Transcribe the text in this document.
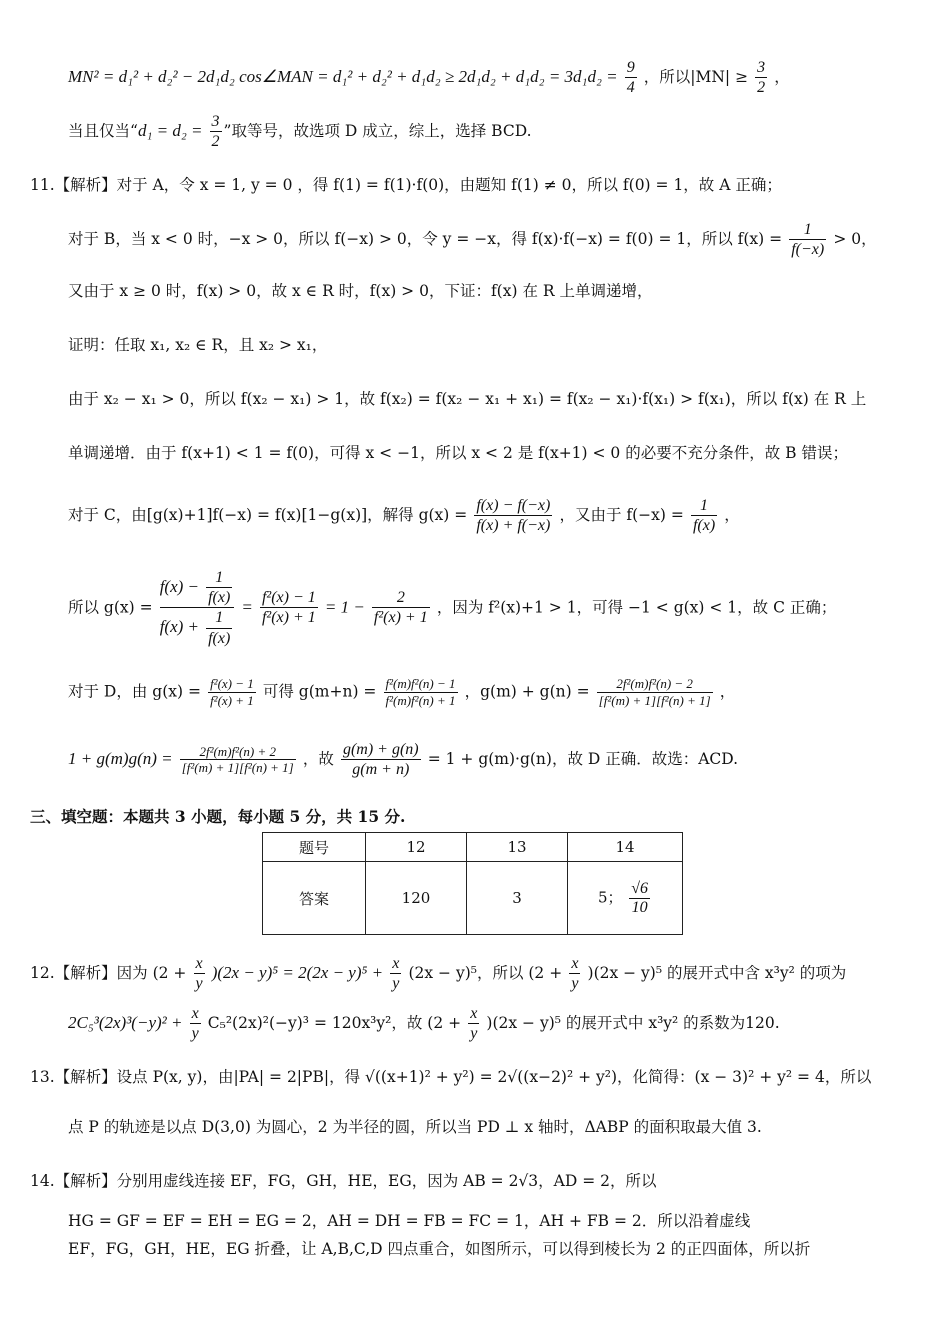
MN² = d₁² + d₂² − 2d₁d₂ cos∠MAN = $d_1^2 + d_2^2 + d_1d_2 \ge 2d_1d_2 + d_1d_2 = 3d_1d_2 = \frac{9}{4}$ ，所以$|MN| \ge \frac{3}{2}$ ，
当且仅当“$d_1 = d_2 = \frac{3}{2}$ ”取等号，故选项 D 成立，综上，选择 BCD.
11.【解析】对于 A，令 x = 1, y = 0 ，得 f(1) = f(1)·f(0)，由题知 f(1) ≠ 0，所以 f(0) = 1，故 A 正确；
对于 B，当 x < 0 时，−x > 0，所以 f(−x) > 0，令 y = −x，得 f(x)·f(−x) = f(0) = 1，所以 $f(x) = \frac{1}{f(-x)} > 0$，
又由于 x ≥ 0 时，f(x) > 0，故 x ∈ R 时，f(x) > 0，下证：f(x) 在 R 上单调递增，
证明：任取 x₁, x₂ ∈ R，且 x₂ > x₁，
由于 x₂ − x₁ > 0，所以 f(x₂ − x₁) > 1，故 f(x₂) = f(x₂ − x₁ + x₁) = f(x₂ − x₁)·f(x₁) > f(x₁)，所以 f(x) 在 R 上
单调递增．由于 f(x+1) < 1 = f(0)，可得 x < −1，所以 x < 2 是 f(x+1) < 0 的必要不充分条件，故 B 错误；
对于 C，由[g(x)+1]f(−x) = f(x)[1−g(x)]，解得 $g(x) = \frac{f(x) - f(-x)}{f(x) + f(-x)}$ ，又由于 $f(-x) = \frac{1}{f(x)}$ ，
所以 $g(x) = \frac{f(x) - \frac{1}{f(x)}}{f(x) + \frac{1}{f(x)}} = \frac{\text{f²(x) − 1}}{\text{f²(x) + 1}} = 1 - \frac{2}{\text{f²(x) + 1}}$ ，因为 f²(x)+1 > 1，可得 −1 < g(x) < 1，故 C 正确；
对于 D，由 $g(x) = \frac{\text{f²(x) − 1}}{\text{f²(x) + 1}}$ 可得 $g(m+n) = \frac{\text{f²(m)f²(n) − 1}}{\text{f²(m)f²(n) + 1}}$ ，$g(m) + g(n) = \frac{\text{2f²(m)f²(n) − 2}}{\text{[f²(m) + 1][f²(n) + 1]}}$ ，
$1 + g(m)g(n) = \frac{\text{2f²(m)f²(n) + 2}}{\text{[f²(m) + 1][f²(n) + 1]}}$ ，故 $\frac{g(m) + g(n)}{g(m + n)} = 1 + g(m)\cdot g(n)$，故 D 正确．故选：ACD.
三、填空题：本题共 3 小题，每小题 5 分，共 15 分.
题号	12	13	14
答案	120	3	5； $\frac{√6}{10}$
12.【解析】因为 $(2 + \frac{x}{y} )(2x - y)^5 = 2(2x - y)^5 + \frac{x}{y} (2x - y)^5$，所以 $(2 + \frac{x}{y} )(2x - y)^5$ 的展开式中含 x³y² 的项为
$2C_5^3(2x)^3(-y)^2 + \frac{x}{y} C_5^2(2x)^2(-y)^3 = 120x^3y^2$，故 $(2 + \frac{x}{y} )(2x - y)^5$ 的展开式中 x³y² 的系数为120.
13.【解析】设点 P(x, y)，由|PA| = 2|PB|，得 √((x+1)² + y²) = 2√((x−2)² + y²)，化简得：(x − 3)² + y² = 4，所以
点 P 的轨迹是以点 D(3,0) 为圆心，2 为半径的圆，所以当 PD ⊥ x 轴时，ΔABP 的面积取最大值 3.
14.【解析】分别用虚线连接 EF，FG，GH，HE，EG，因为 AB = 2√3，AD = 2，所以
HG = GF = EF = EH = EG = 2，AH = DH = FB = FC = 1，AH + FB = 2．所以沿着虚线
EF，FG，GH，HE，EG 折叠，让 A,B,C,D 四点重合，如图所示，可以得到棱长为 2 的正四面体，所以折
